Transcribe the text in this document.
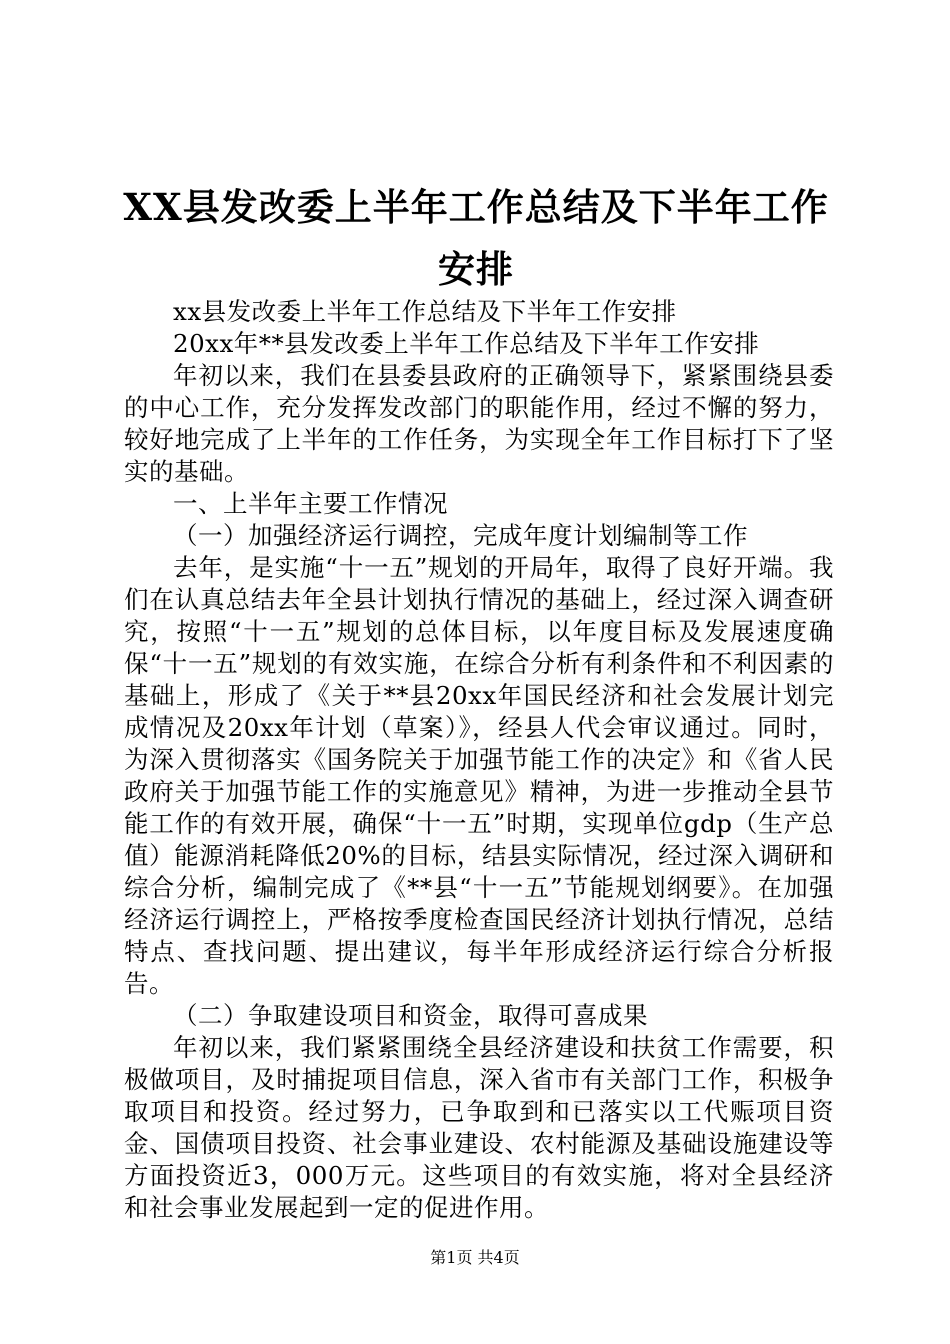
XX县发改委上半年工作总结及下半年工作安排

xx县发改委上半年工作总结及下半年工作安排

20xx年**县发改委上半年工作总结及下半年工作安排

年初以来，我们在县委县政府的正确领导下，紧紧围绕县委的中心工作，充分发挥发改部门的职能作用，经过不懈的努力，较好地完成了上半年的工作任务，为实现全年工作目标打下了坚实的基础。

一、上半年主要工作情况

（一）加强经济运行调控，完成年度计划编制等工作

去年，是实施“十一五”规划的开局年，取得了良好开端。我们在认真总结去年全县计划执行情况的基础上，经过深入调查研究，按照“十一五”规划的总体目标，以年度目标及发展速度确保“十一五”规划的有效实施，在综合分析有利条件和不利因素的基础上，形成了《关于**县20xx年国民经济和社会发展计划完成情况及20xx年计划（草案）》，经县人代会审议通过。同时，为深入贯彻落实《国务院关于加强节能工作的决定》和《省人民政府关于加强节能工作的实施意见》精神，为进一步推动全县节能工作的有效开展，确保“十一五”时期，实现单位gdp（生产总值）能源消耗降低20%的目标，结县实际情况，经过深入调研和综合分析，编制完成了《**县“十一五”节能规划纲要》。在加强经济运行调控上，严格按季度检查国民经济计划执行情况，总结特点、查找问题、提出建议，每半年形成经济运行综合分析报告。

（二）争取建设项目和资金，取得可喜成果

年初以来，我们紧紧围绕全县经济建设和扶贫工作需要，积极做项目，及时捕捉项目信息，深入省市有关部门工作，积极争取项目和投资。经过努力，已争取到和已落实以工代赈项目资金、国债项目投资、社会事业建设、农村能源及基础设施建设等方面投资近3，000万元。这些项目的有效实施，将对全县经济和社会事业发展起到一定的促进作用。

第1页 共4页
